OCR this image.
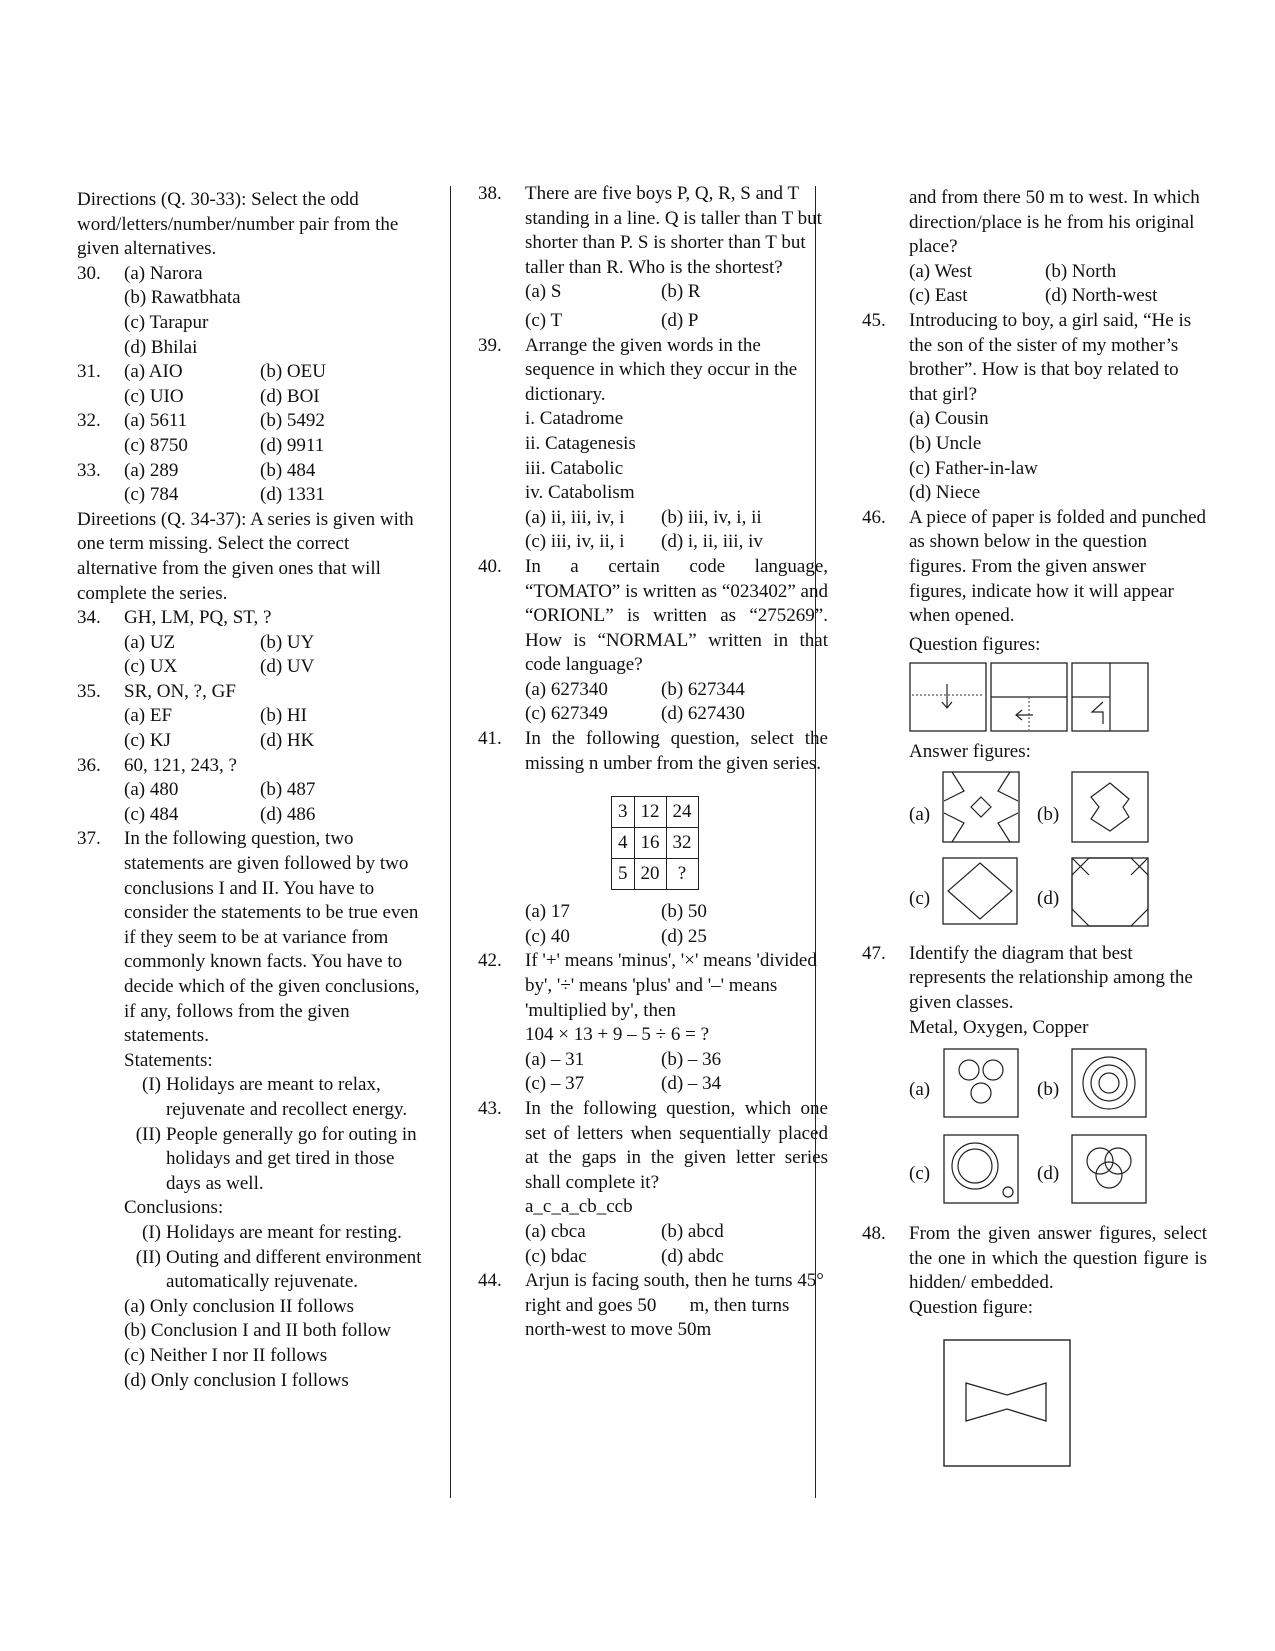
Directions (Q. 30-33): Select the odd word/letters/number/number pair from the given alternatives.

30.	(a) Narora
(b) Rawatbhata
(c) Tarapur
(d) Bhilai
31.	(a) AIO	(b) OEU
(c) UIO	(d) BOI
32.	(a) 5611	(b) 5492
(c) 8750	(d) 9911
33.	(a) 289	(b) 484
(c) 784	(d) 1331

Direetions (Q. 34-37): A series is given with one term missing. Select the correct alternative from the given ones that will complete the series.

34.	GH, LM, PQ, ST, ?
(a) UZ	(b) UY
(c) UX	(d) UV
35.	SR, ON, ?, GF
(a) EF	(b) HI
(c) KJ	(d) HK
36.	60, 121, 243, ?
(a) 480	(b) 487
(c) 484	(d) 486
37.	In the following question, two statements are given followed by two conclusions I and II. You have to consider the statements to be true even if they seem to be at variance from commonly known facts. You have to decide which of the given conclusions, if any, follows from the given statements.
Statements:
(I) Holidays are meant to relax, rejuvenate and recollect energy.
(II) People generally go for outing in holidays and get tired in those days as well.
Conclusions:
(I) Holidays are meant for resting.
(II) Outing and different environment automatically rejuvenate.
(a) Only conclusion II follows
(b) Conclusion I and II both follow
(c) Neither I nor II follows
(d) Only conclusion I follows
38.	There are five boys P, Q, R, S and T standing in a line. Q is taller than T but shorter than P. S is shorter than T but taller than R. Who is the shortest?
(a) S	(b) R
(c) T	(d) P
39.	Arrange the given words in the sequence in which they occur in the dictionary.
i. Catadrome
ii. Catagenesis
iii. Catabolic
iv. Catabolism
(a) ii, iii, iv, i	(b) iii, iv, i, ii
(c) iii, iv, ii, i	(d) i, ii, iii, iv
40.	In a certain code language, “TOMATO” is written as “023402” and “ORIONL” is written as “275269”. How is “NORMAL” written in that code language?
(a) 627340	(b) 627344
(c) 627349	(d) 627430
41.	In the following question, select the missing n umber from the given series.
3	12	24
4	16	32
5	20	?
(a) 17	(b) 50
(c) 40	(d) 25
42.	If '+' means 'minus', '×' means 'divided by', '÷' means 'plus' and '–' means 'multiplied by', then
104 × 13 + 9 – 5 ÷ 6 = ?
(a) – 31	(b) – 36
(c) – 37	(d) – 34
43.	In the following question, which one set of letters when sequentially placed at the gaps in the given letter series shall complete it?
a_c_a_cb_ccb
(a) cbca	(b) abcd
(c) bdac	(d) abdc
44.	Arjun is facing south, then he turns 45° right and goes 50       m, then turns north-west to move 50m
and from there 50 m to west. In which direction/place is he from his original place?
(a) West	(b) North
(c) East	(d) North-west
45.	Introducing to boy, a girl said, “He is the son of the sister of my mother’s brother”. How is that boy related to that girl?
(a) Cousin
(b) Uncle
(c) Father-in-law
(d) Niece
46.	A piece of paper is folded and punched as shown below in the question figures. From the given answer figures, indicate how it will appear when opened.
Question figures:
Answer figures:
(a)	(b)
(c)	(d)
47.	Identify the diagram that best represents the relationship among the given classes.
Metal, Oxygen, Copper
(a)	(b)
(c)	(d)
48.	From the given answer figures, select the one in which the question figure is hidden/ embedded.
Question figure:
